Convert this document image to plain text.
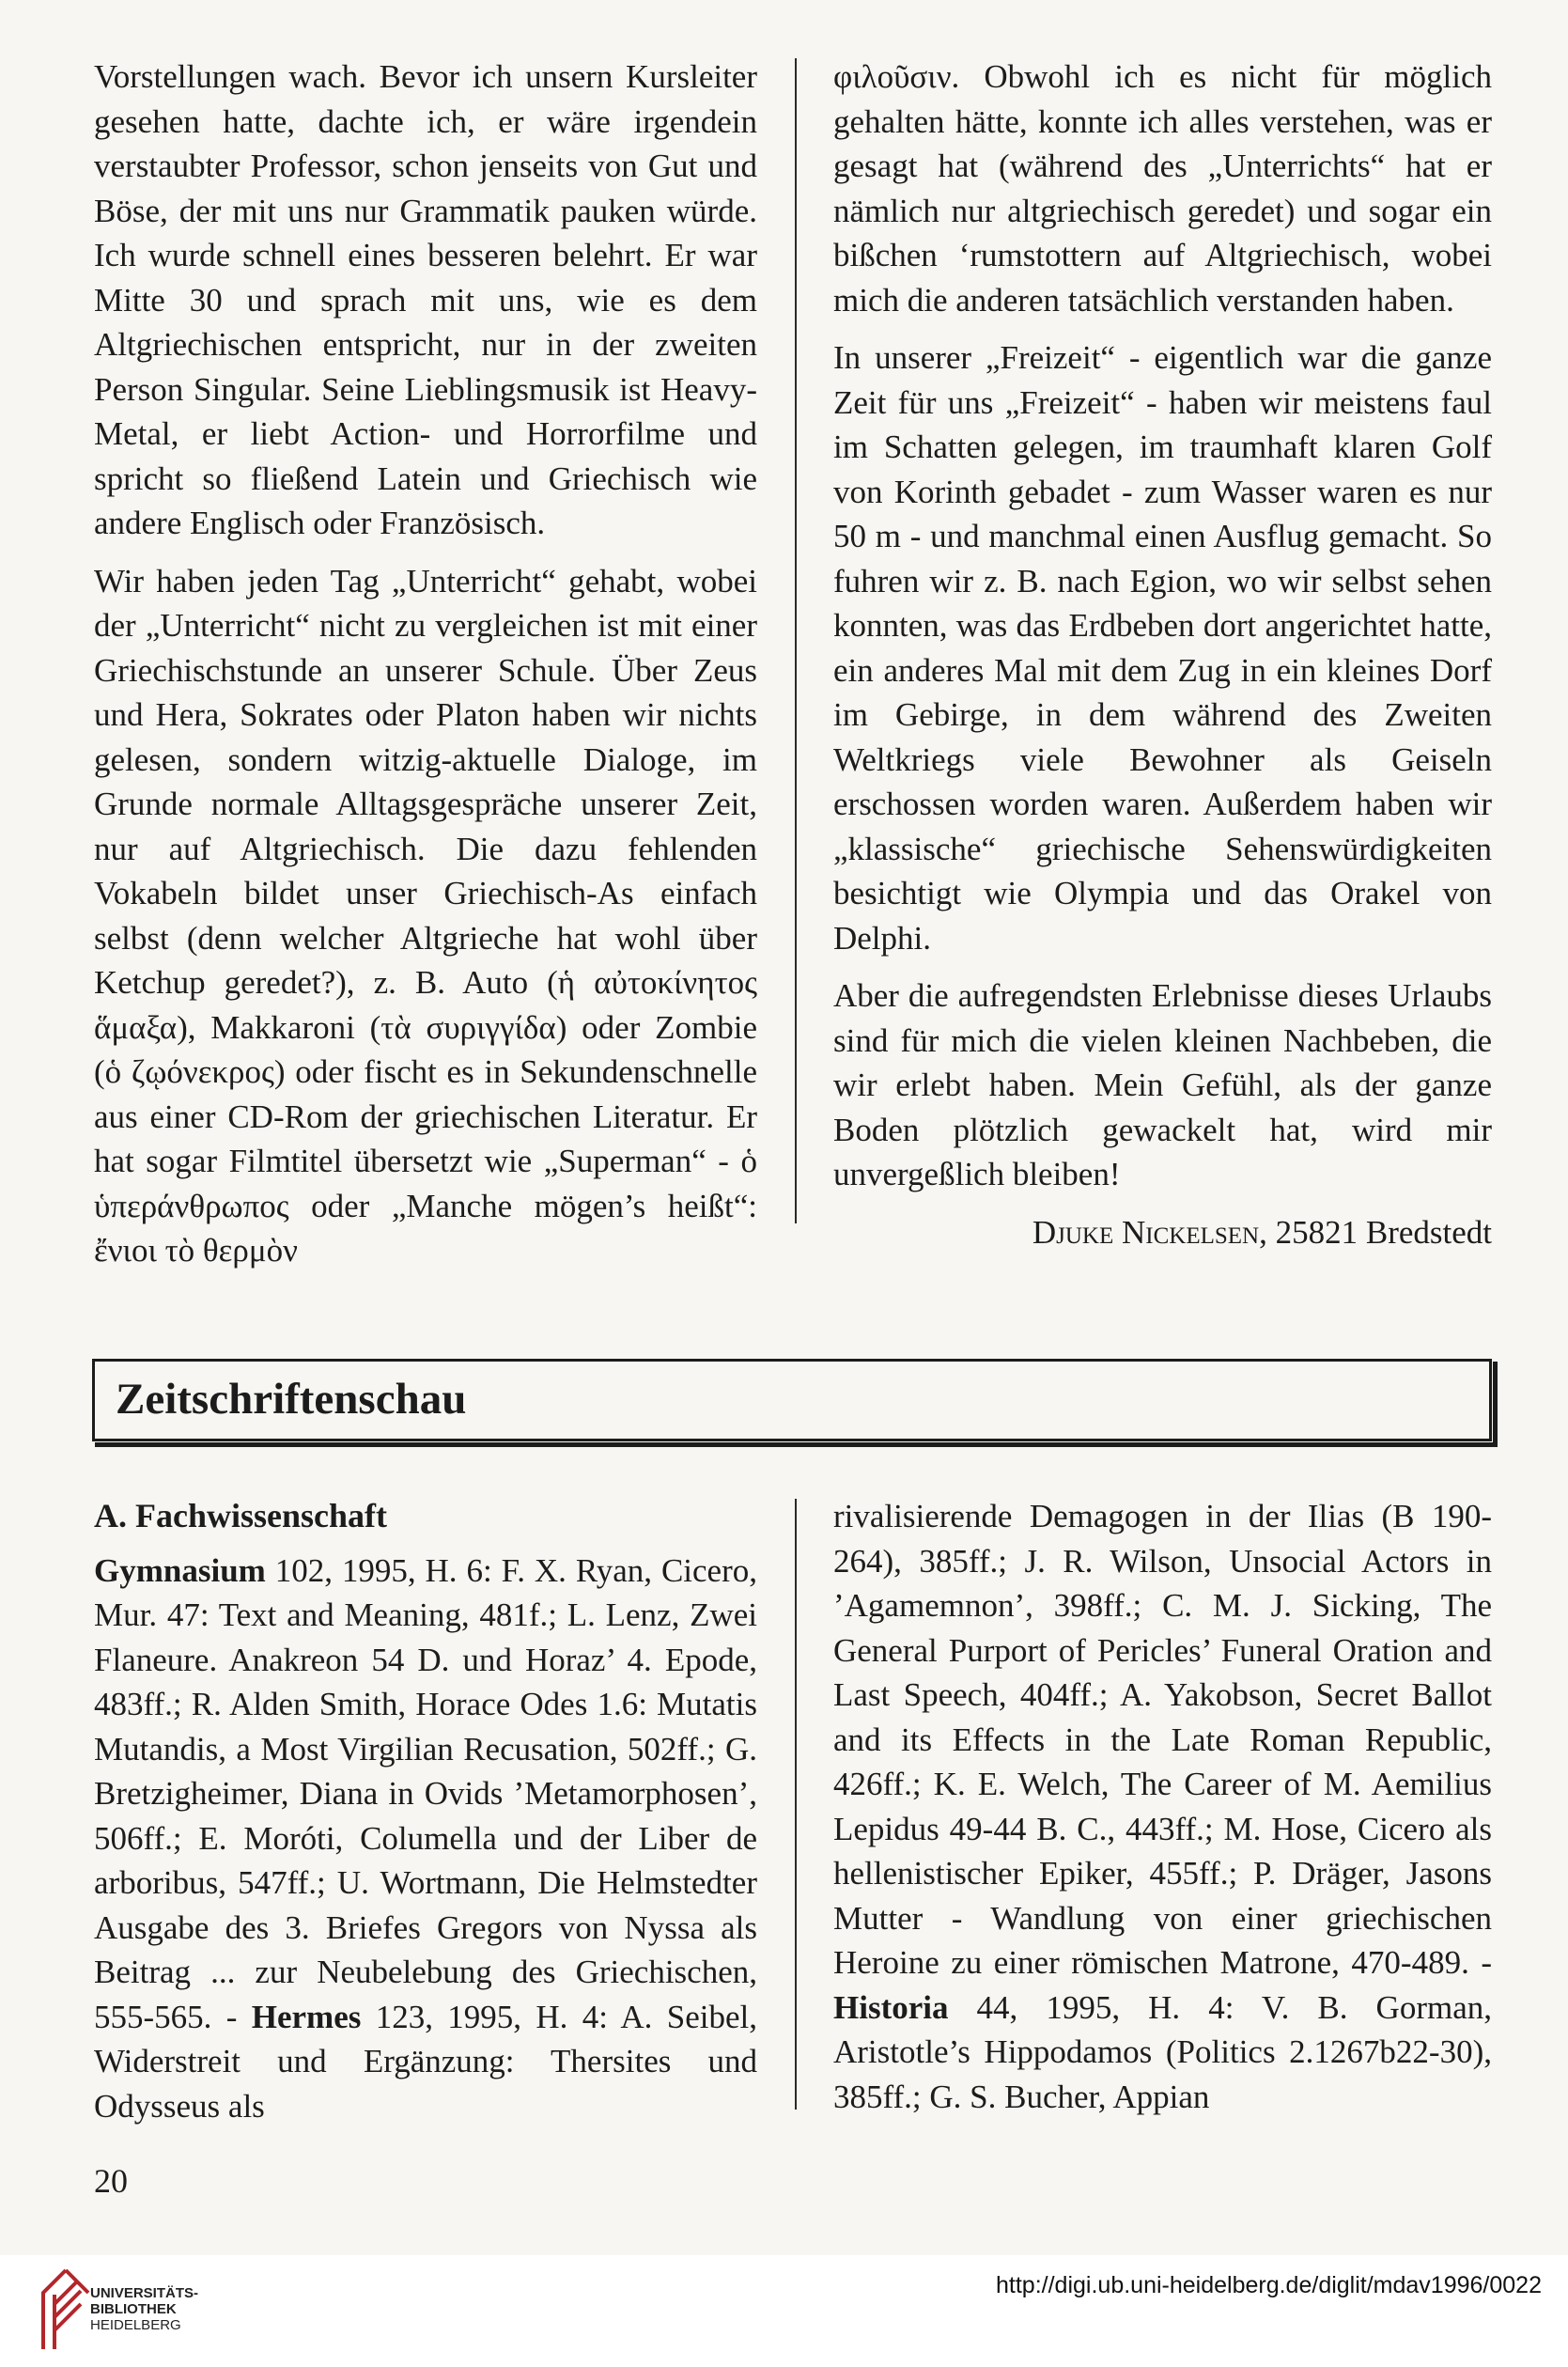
Vorstellungen wach. Bevor ich unsern Kursleiter gesehen hatte, dachte ich, er wäre irgendein verstaubter Professor, schon jenseits von Gut und Böse, der mit uns nur Grammatik pauken würde. Ich wurde schnell eines besseren belehrt. Er war Mitte 30 und sprach mit uns, wie es dem Altgriechischen entspricht, nur in der zweiten Person Singular. Seine Lieblingsmusik ist Heavy-Metal, er liebt Action- und Horrorfilme und spricht so fließend Latein und Griechisch wie andere Englisch oder Französisch.

Wir haben jeden Tag „Unterricht“ gehabt, wobei der „Unterricht“ nicht zu vergleichen ist mit einer Griechischstunde an unserer Schule. Über Zeus und Hera, Sokrates oder Platon haben wir nichts gelesen, sondern witzig-aktuelle Dialoge, im Grunde normale Alltagsgespräche unserer Zeit, nur auf Altgriechisch. Die dazu fehlenden Vokabeln bildet unser Griechisch-As einfach selbst (denn welcher Altgrieche hat wohl über Ketchup geredet?), z. B. Auto (ἡ αὐτοκίνητος ἅμαξα), Makkaroni (τὰ συριγγίδα) oder Zombie (ὁ ζῳόνεκρος) oder fischt es in Sekundenschnelle aus einer CD-Rom der griechischen Literatur. Er hat sogar Filmtitel übersetzt wie „Superman“ - ὁ ὑπεράνθρωπος oder „Manche mögen’s heißt“: ἔνιοι τὸ θερμὸν

φιλοῦσιν. Obwohl ich es nicht für möglich gehalten hätte, konnte ich alles verstehen, was er gesagt hat (während des „Unterrichts“ hat er nämlich nur altgriechisch geredet) und sogar ein bißchen ‘rumstottern auf Altgriechisch, wobei mich die anderen tatsächlich verstanden haben.

In unserer „Freizeit“ - eigentlich war die ganze Zeit für uns „Freizeit“ - haben wir meistens faul im Schatten gelegen, im traumhaft klaren Golf von Korinth gebadet - zum Wasser waren es nur 50 m - und manchmal einen Ausflug gemacht. So fuhren wir z. B. nach Egion, wo wir selbst sehen konnten, was das Erdbeben dort angerichtet hatte, ein anderes Mal mit dem Zug in ein kleines Dorf im Gebirge, in dem während des Zweiten Weltkriegs viele Bewohner als Geiseln erschossen worden waren. Außerdem haben wir „klassische“ griechische Sehenswürdigkeiten besichtigt wie Olympia und das Orakel von Delphi.

Aber die aufregendsten Erlebnisse dieses Urlaubs sind für mich die vielen kleinen Nachbeben, die wir erlebt haben. Mein Gefühl, als der ganze Boden plötzlich gewackelt hat, wird mir unvergeßlich bleiben!

Djuke Nickelsen, 25821 Bredstedt
Zeitschriftenschau
A. Fachwissenschaft

Gymnasium 102, 1995, H. 6: F. X. Ryan, Cicero, Mur. 47: Text and Meaning, 481f.; L. Lenz, Zwei Flaneure. Anakreon 54 D. und Horaz’ 4. Epode, 483ff.; R. Alden Smith, Horace Odes 1.6: Mutatis Mutandis, a Most Virgilian Recusation, 502ff.; G. Bretzigheimer, Diana in Ovids ’Metamorphosen’, 506ff.; E. Moróti, Columella und der Liber de arboribus, 547ff.; U. Wortmann, Die Helmstedter Ausgabe des 3. Briefes Gregors von Nyssa als Beitrag ... zur Neubelebung des Griechischen, 555-565. - Hermes 123, 1995, H. 4: A. Seibel, Widerstreit und Ergänzung: Thersites und Odysseus als

rivalisierende Demagogen in der Ilias (B 190-264), 385ff.; J. R. Wilson, Unsocial Actors in ’Agamemnon’, 398ff.; C. M. J. Sicking, The General Purport of Pericles’ Funeral Oration and Last Speech, 404ff.; A. Yakobson, Secret Ballot and its Effects in the Late Roman Republic, 426ff.; K. E. Welch, The Career of M. Aemilius Lepidus 49-44 B. C., 443ff.; M. Hose, Cicero als hellenistischer Epiker, 455ff.; P. Dräger, Jasons Mutter - Wandlung von einer griechischen Heroine zu einer römischen Matrone, 470-489. - Historia 44, 1995, H. 4: V. B. Gorman, Aristotle’s Hippodamos (Politics 2.1267b22-30), 385ff.; G. S. Bucher, Appian

20
UNIVERSITÄTS-
BIBLIOTHEK
HEIDELBERG
http://digi.ub.uni-heidelberg.de/diglit/mdav1996/0022
